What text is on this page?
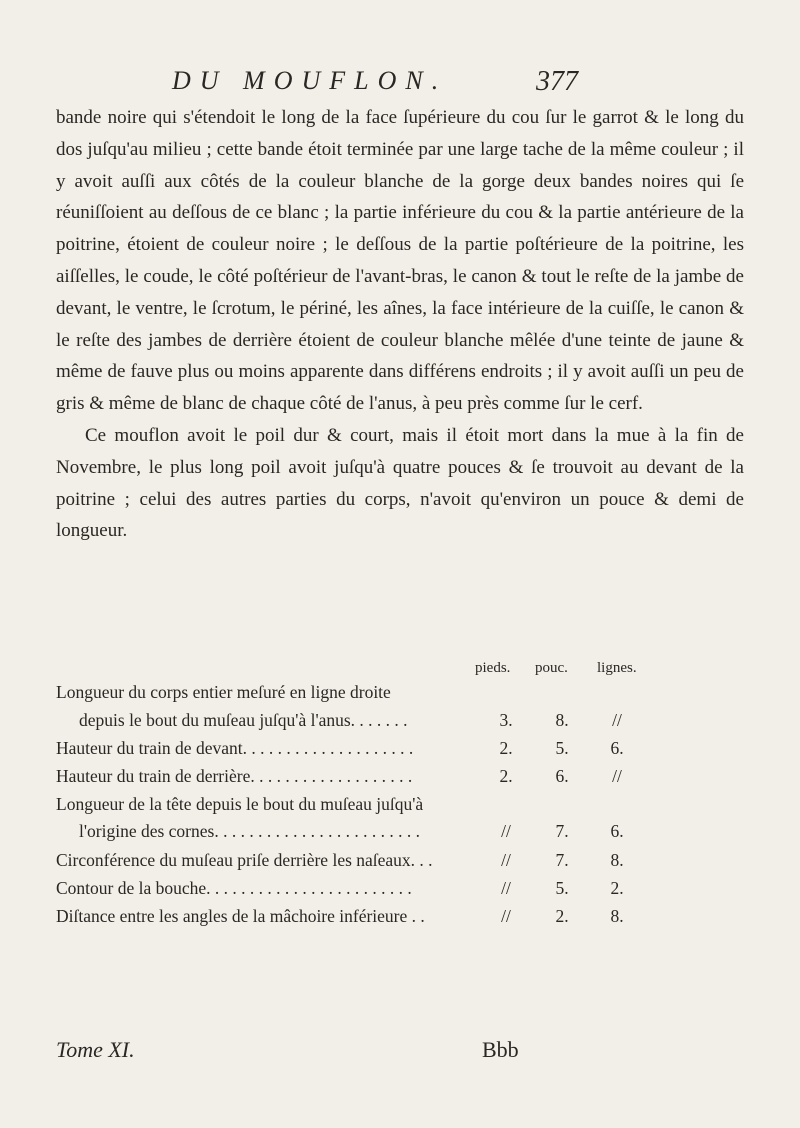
DU MOUFLON.	377

bande noire qui s'étendoit le long de la face ſupérieure du cou ſur le garrot & le long du dos juſqu'au milieu ; cette bande étoit terminée par une large tache de la même couleur ; il y avoit auſſi aux côtés de la couleur blanche de la gorge deux bandes noires qui ſe réuniſſoient au deſſous de ce blanc ; la partie inférieure du cou & la partie antérieure de la poitrine, étoient de couleur noire ; le deſſous de la partie poſtérieure de la poitrine, les aiſſelles, le coude, le côté poſtérieur de l'avant-bras, le canon & tout le reſte de la jambe de devant, le ventre, le ſcrotum, le périné, les aînes, la face intérieure de la cuiſſe, le canon & le reſte des jambes de derrière étoient de couleur blanche mêlée d'une teinte de jaune & même de fauve plus ou moins apparente dans différens endroits ; il y avoit auſſi un peu de gris & même de blanc de chaque côté de l'anus, à peu près comme ſur le cerf.

Ce mouflon avoit le poil dur & court, mais il étoit mort dans la mue à la fin de Novembre, le plus long poil avoit juſqu'à quatre pouces & ſe trouvoit au devant de la poitrine ; celui des autres parties du corps, n'avoit qu'environ un pouce & demi de longueur.

pieds. pouc. lignes.
Longueur du corps entier meſuré en ligne droite
depuis le bout du muſeau juſqu'à l'anus. . . . . . .	3. 8. //
Hauteur du train de devant. . . . . . . . . . . . . . . . . . . .	2. 5. 6.
Hauteur du train de derrière. . . . . . . . . . . . . . . . . . .	2. 6. //
Longueur de la tête depuis le bout du muſeau juſqu'à
l'origine des cornes. . . . . . . . . . . . . . . . . . . . . . . .	//	7. 6.
Circonférence du muſeau priſe derrière les naſeaux. . .	//	7. 8.
Contour de la bouche. . . . . . . . . . . . . . . . . . . . . . . .	//	5. 2.
Diſtance entre les angles de la mâchoire inférieure . .	//	2. 8.
Tome XI.	Bbb
